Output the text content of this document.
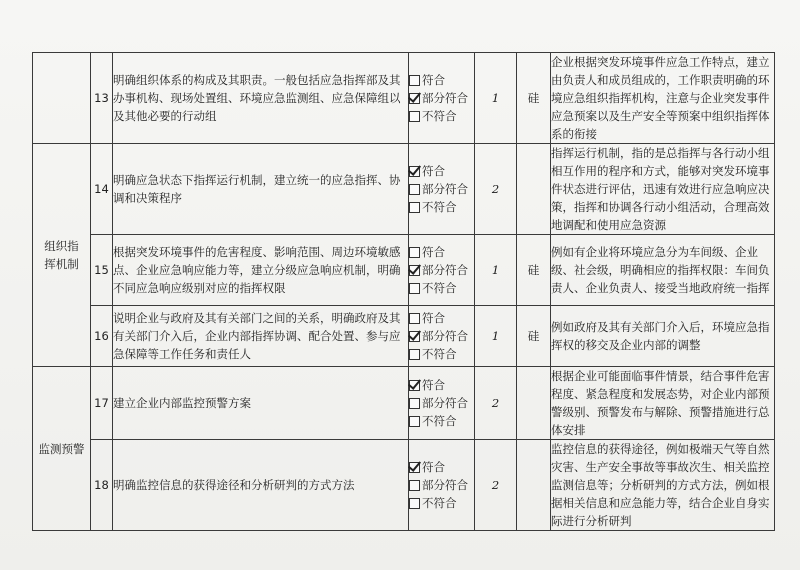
	13	明确组织体系的构成及其职责。一般包括应急指挥部及其办事机构、现场处置组、环境应急监测组、应急保障组以及其他必要的行动组	符合
部分符合
不符合	1	硅	企业根据突发环境事件应急工作特点，建立由负责人和成员组成的，工作职责明确的环境应急组织指挥机构，注意与企业突发事件应急预案以及生产安全等预案中组织指挥体系的衔接
组织指挥机制	14	明确应急状态下指挥运行机制，建立统一的应急指挥、协调和决策程序	符合
部分符合
不符合	2		指挥运行机制，指的是总指挥与各行动小组相互作用的程序和方式，能够对突发环境事件状态进行评估，迅速有效进行应急响应决策，指挥和协调各行动小组活动，合理高效地调配和使用应急资源
	15	根据突发环境事件的危害程度、影响范围、周边环境敏感点、企业应急响应能力等，建立分级应急响应机制，明确不同应急响应级别对应的指挥权限	符合
部分符合
不符合	1	硅	例如有企业将环境应急分为车间级、企业级、社会级，明确相应的指挥权限：车间负责人、企业负责人、接受当地政府统一指挥
	16	说明企业与政府及其有关部门之间的关系，明确政府及其有关部门介入后，企业内部指挥协调、配合处置、参与应急保障等工作任务和责任人	符合
部分符合
不符合	1	硅	例如政府及其有关部门介入后，环境应急指挥权的移交及企业内部的调整
监测预警	17	建立企业内部监控预警方案	符合
部分符合
不符合	2		根据企业可能面临事件情景，结合事件危害程度、紧急程度和发展态势，对企业内部预警级别、预警发布与解除、预警措施进行总体安排
	18	明确监控信息的获得途径和分析研判的方式方法	符合
部分符合
不符合	2		监控信息的获得途径，例如极端天气等自然灾害、生产安全事故等事故次生、相关监控监测信息等；分析研判的方式方法，例如根据相关信息和应急能力等，结合企业自身实际进行分析研判
